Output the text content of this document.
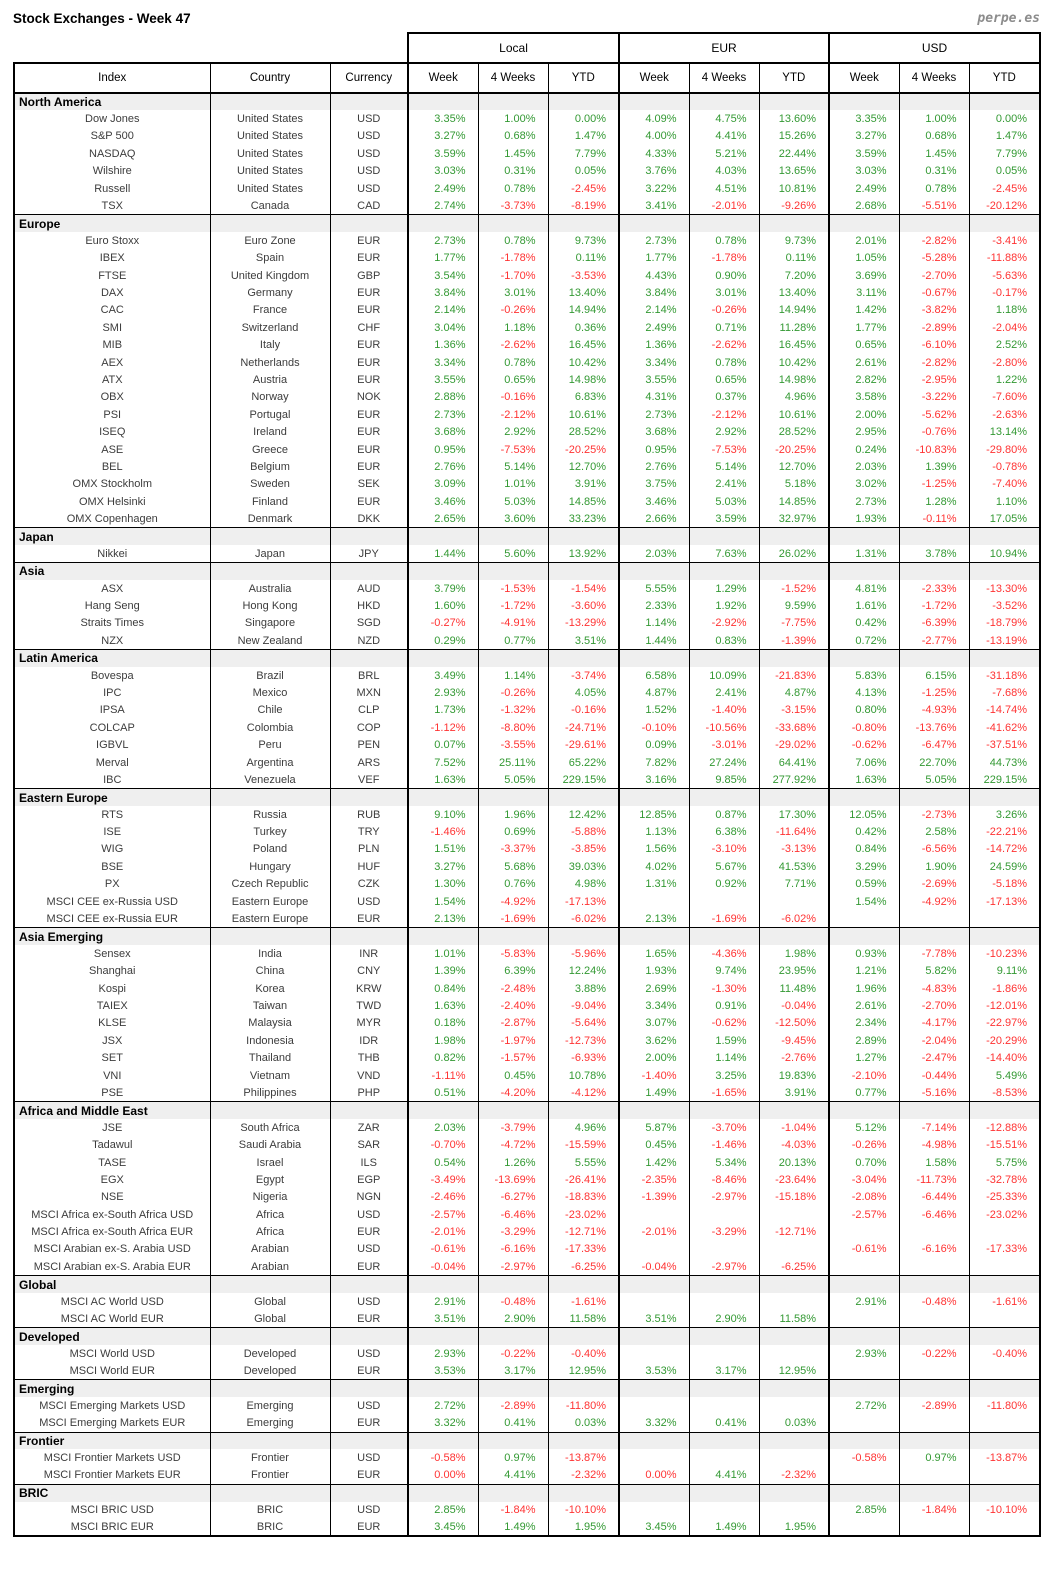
Stock Exchanges - Week 47	perpe.es
			Local			EUR			USD		
Index	Country	Currency	Week	4 Weeks	YTD	Week	4 Weeks	YTD	Week	4 Weeks	YTD
North America											
Dow Jones	United States	USD	3.35%	1.00%	0.00%	4.09%	4.75%	13.60%	3.35%	1.00%	0.00%
S&P 500	United States	USD	3.27%	0.68%	1.47%	4.00%	4.41%	15.26%	3.27%	0.68%	1.47%
NASDAQ	United States	USD	3.59%	1.45%	7.79%	4.33%	5.21%	22.44%	3.59%	1.45%	7.79%
Wilshire	United States	USD	3.03%	0.31%	0.05%	3.76%	4.03%	13.65%	3.03%	0.31%	0.05%
Russell	United States	USD	2.49%	0.78%	-2.45%	3.22%	4.51%	10.81%	2.49%	0.78%	-2.45%
TSX	Canada	CAD	2.74%	-3.73%	-8.19%	3.41%	-2.01%	-9.26%	2.68%	-5.51%	-20.12%
Europe											
Euro Stoxx	Euro Zone	EUR	2.73%	0.78%	9.73%	2.73%	0.78%	9.73%	2.01%	-2.82%	-3.41%
IBEX	Spain	EUR	1.77%	-1.78%	0.11%	1.77%	-1.78%	0.11%	1.05%	-5.28%	-11.88%
FTSE	United Kingdom	GBP	3.54%	-1.70%	-3.53%	4.43%	0.90%	7.20%	3.69%	-2.70%	-5.63%
DAX	Germany	EUR	3.84%	3.01%	13.40%	3.84%	3.01%	13.40%	3.11%	-0.67%	-0.17%
CAC	France	EUR	2.14%	-0.26%	14.94%	2.14%	-0.26%	14.94%	1.42%	-3.82%	1.18%
SMI	Switzerland	CHF	3.04%	1.18%	0.36%	2.49%	0.71%	11.28%	1.77%	-2.89%	-2.04%
MIB	Italy	EUR	1.36%	-2.62%	16.45%	1.36%	-2.62%	16.45%	0.65%	-6.10%	2.52%
AEX	Netherlands	EUR	3.34%	0.78%	10.42%	3.34%	0.78%	10.42%	2.61%	-2.82%	-2.80%
ATX	Austria	EUR	3.55%	0.65%	14.98%	3.55%	0.65%	14.98%	2.82%	-2.95%	1.22%
OBX	Norway	NOK	2.88%	-0.16%	6.83%	4.31%	0.37%	4.96%	3.58%	-3.22%	-7.60%
PSI	Portugal	EUR	2.73%	-2.12%	10.61%	2.73%	-2.12%	10.61%	2.00%	-5.62%	-2.63%
ISEQ	Ireland	EUR	3.68%	2.92%	28.52%	3.68%	2.92%	28.52%	2.95%	-0.76%	13.14%
ASE	Greece	EUR	0.95%	-7.53%	-20.25%	0.95%	-7.53%	-20.25%	0.24%	-10.83%	-29.80%
BEL	Belgium	EUR	2.76%	5.14%	12.70%	2.76%	5.14%	12.70%	2.03%	1.39%	-0.78%
OMX Stockholm	Sweden	SEK	3.09%	1.01%	3.91%	3.75%	2.41%	5.18%	3.02%	-1.25%	-7.40%
OMX Helsinki	Finland	EUR	3.46%	5.03%	14.85%	3.46%	5.03%	14.85%	2.73%	1.28%	1.10%
OMX Copenhagen	Denmark	DKK	2.65%	3.60%	33.23%	2.66%	3.59%	32.97%	1.93%	-0.11%	17.05%
Japan											
Nikkei	Japan	JPY	1.44%	5.60%	13.92%	2.03%	7.63%	26.02%	1.31%	3.78%	10.94%
Asia											
ASX	Australia	AUD	3.79%	-1.53%	-1.54%	5.55%	1.29%	-1.52%	4.81%	-2.33%	-13.30%
Hang Seng	Hong Kong	HKD	1.60%	-1.72%	-3.60%	2.33%	1.92%	9.59%	1.61%	-1.72%	-3.52%
Straits Times	Singapore	SGD	-0.27%	-4.91%	-13.29%	1.14%	-2.92%	-7.75%	0.42%	-6.39%	-18.79%
NZX	New Zealand	NZD	0.29%	0.77%	3.51%	1.44%	0.83%	-1.39%	0.72%	-2.77%	-13.19%
Latin America											
Bovespa	Brazil	BRL	3.49%	1.14%	-3.74%	6.58%	10.09%	-21.83%	5.83%	6.15%	-31.18%
IPC	Mexico	MXN	2.93%	-0.26%	4.05%	4.87%	2.41%	4.87%	4.13%	-1.25%	-7.68%
IPSA	Chile	CLP	1.73%	-1.32%	-0.16%	1.52%	-1.40%	-3.15%	0.80%	-4.93%	-14.74%
COLCAP	Colombia	COP	-1.12%	-8.80%	-24.71%	-0.10%	-10.56%	-33.68%	-0.80%	-13.76%	-41.62%
IGBVL	Peru	PEN	0.07%	-3.55%	-29.61%	0.09%	-3.01%	-29.02%	-0.62%	-6.47%	-37.51%
Merval	Argentina	ARS	7.52%	25.11%	65.22%	7.82%	27.24%	64.41%	7.06%	22.70%	44.73%
IBC	Venezuela	VEF	1.63%	5.05%	229.15%	3.16%	9.85%	277.92%	1.63%	5.05%	229.15%
Eastern Europe											
RTS	Russia	RUB	9.10%	1.96%	12.42%	12.85%	0.87%	17.30%	12.05%	-2.73%	3.26%
ISE	Turkey	TRY	-1.46%	0.69%	-5.88%	1.13%	6.38%	-11.64%	0.42%	2.58%	-22.21%
WIG	Poland	PLN	1.51%	-3.37%	-3.85%	1.56%	-3.10%	-3.13%	0.84%	-6.56%	-14.72%
BSE	Hungary	HUF	3.27%	5.68%	39.03%	4.02%	5.67%	41.53%	3.29%	1.90%	24.59%
PX	Czech Republic	CZK	1.30%	0.76%	4.98%	1.31%	0.92%	7.71%	0.59%	-2.69%	-5.18%
MSCI CEE ex-Russia USD	Eastern Europe	USD	1.54%	-4.92%	-17.13%				1.54%	-4.92%	-17.13%
MSCI CEE ex-Russia EUR	Eastern Europe	EUR	2.13%	-1.69%	-6.02%	2.13%	-1.69%	-6.02%			
Asia Emerging											
Sensex	India	INR	1.01%	-5.83%	-5.96%	1.65%	-4.36%	1.98%	0.93%	-7.78%	-10.23%
Shanghai	China	CNY	1.39%	6.39%	12.24%	1.93%	9.74%	23.95%	1.21%	5.82%	9.11%
Kospi	Korea	KRW	0.84%	-2.48%	3.88%	2.69%	-1.30%	11.48%	1.96%	-4.83%	-1.86%
TAIEX	Taiwan	TWD	1.63%	-2.40%	-9.04%	3.34%	0.91%	-0.04%	2.61%	-2.70%	-12.01%
KLSE	Malaysia	MYR	0.18%	-2.87%	-5.64%	3.07%	-0.62%	-12.50%	2.34%	-4.17%	-22.97%
JSX	Indonesia	IDR	1.98%	-1.97%	-12.73%	3.62%	1.59%	-9.45%	2.89%	-2.04%	-20.29%
SET	Thailand	THB	0.82%	-1.57%	-6.93%	2.00%	1.14%	-2.76%	1.27%	-2.47%	-14.40%
VNI	Vietnam	VND	-1.11%	0.45%	10.78%	-1.40%	3.25%	19.83%	-2.10%	-0.44%	5.49%
PSE	Philippines	PHP	0.51%	-4.20%	-4.12%	1.49%	-1.65%	3.91%	0.77%	-5.16%	-8.53%
Africa and Middle East											
JSE	South Africa	ZAR	2.03%	-3.79%	4.96%	5.87%	-3.70%	-1.04%	5.12%	-7.14%	-12.88%
Tadawul	Saudi Arabia	SAR	-0.70%	-4.72%	-15.59%	0.45%	-1.46%	-4.03%	-0.26%	-4.98%	-15.51%
TASE	Israel	ILS	0.54%	1.26%	5.55%	1.42%	5.34%	20.13%	0.70%	1.58%	5.75%
EGX	Egypt	EGP	-3.49%	-13.69%	-26.41%	-2.35%	-8.46%	-23.64%	-3.04%	-11.73%	-32.78%
NSE	Nigeria	NGN	-2.46%	-6.27%	-18.83%	-1.39%	-2.97%	-15.18%	-2.08%	-6.44%	-25.33%
MSCI Africa ex-South Africa USD	Africa	USD	-2.57%	-6.46%	-23.02%				-2.57%	-6.46%	-23.02%
MSCI Africa ex-South Africa EUR	Africa	EUR	-2.01%	-3.29%	-12.71%	-2.01%	-3.29%	-12.71%			
MSCI Arabian ex-S. Arabia USD	Arabian	USD	-0.61%	-6.16%	-17.33%				-0.61%	-6.16%	-17.33%
MSCI Arabian ex-S. Arabia EUR	Arabian	EUR	-0.04%	-2.97%	-6.25%	-0.04%	-2.97%	-6.25%			
Global											
MSCI AC World USD	Global	USD	2.91%	-0.48%	-1.61%				2.91%	-0.48%	-1.61%
MSCI AC World EUR	Global	EUR	3.51%	2.90%	11.58%	3.51%	2.90%	11.58%			
Developed											
MSCI World USD	Developed	USD	2.93%	-0.22%	-0.40%				2.93%	-0.22%	-0.40%
MSCI World EUR	Developed	EUR	3.53%	3.17%	12.95%	3.53%	3.17%	12.95%			
Emerging											
MSCI Emerging Markets USD	Emerging	USD	2.72%	-2.89%	-11.80%				2.72%	-2.89%	-11.80%
MSCI Emerging Markets EUR	Emerging	EUR	3.32%	0.41%	0.03%	3.32%	0.41%	0.03%			
Frontier											
MSCI Frontier Markets USD	Frontier	USD	-0.58%	0.97%	-13.87%				-0.58%	0.97%	-13.87%
MSCI Frontier Markets EUR	Frontier	EUR	0.00%	4.41%	-2.32%	0.00%	4.41%	-2.32%			
BRIC											
MSCI BRIC USD	BRIC	USD	2.85%	-1.84%	-10.10%				2.85%	-1.84%	-10.10%
MSCI BRIC EUR	BRIC	EUR	3.45%	1.49%	1.95%	3.45%	1.49%	1.95%			
